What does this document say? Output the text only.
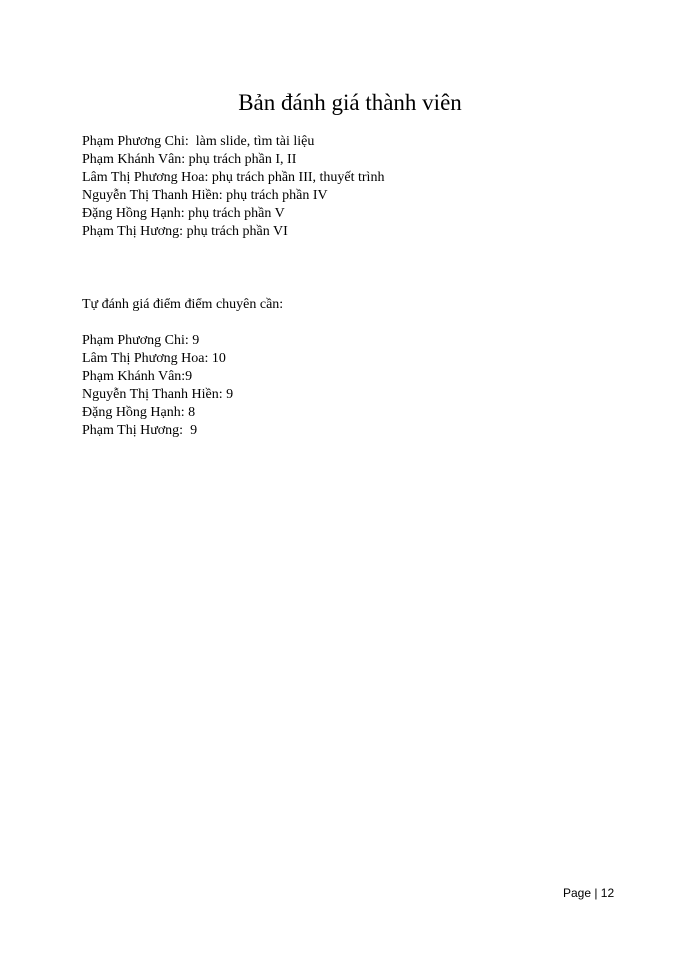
Bản đánh giá thành viên
Phạm Phương Chi:  làm slide, tìm tài liệu
Phạm Khánh Vân: phụ trách phần I, II
Lâm Thị Phương Hoa: phụ trách phần III, thuyết trình
Nguyễn Thị Thanh Hiền: phụ trách phần IV
Đặng Hồng Hạnh: phụ trách phần V
Phạm Thị Hương: phụ trách phần VI
Tự đánh giá điểm điểm chuyên cần:
Phạm Phương Chi: 9
Lâm Thị Phương Hoa: 10
Phạm Khánh Vân:9
Nguyễn Thị Thanh Hiền: 9
Đặng Hồng Hạnh: 8
Phạm Thị Hương:  9
Page | 12
